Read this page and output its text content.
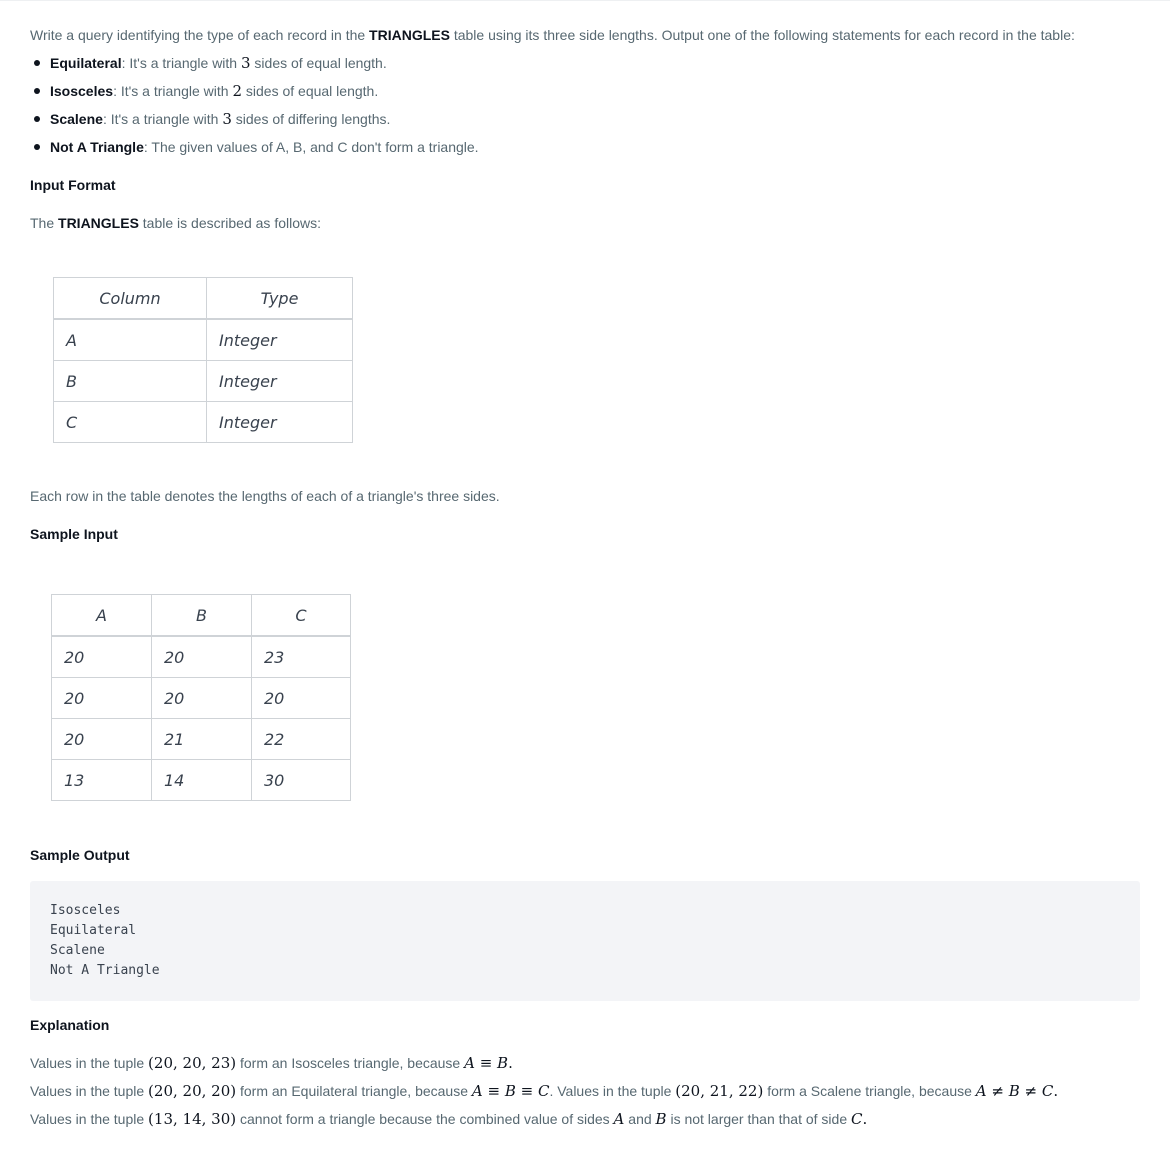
Write a query identifying the type of each record in the TRIANGLES table using its three side lengths. Output one of the following statements for each record in the table:

Equilateral: It's a triangle with 3 sides of equal length.
Isosceles: It's a triangle with 2 sides of equal length.
Scalene: It's a triangle with 3 sides of differing lengths.
Not A Triangle: The given values of A, B, and C don't form a triangle.
Input Format

The TRIANGLES table is described as follows:

Column	Type
A	Integer
B	Integer
C	Integer

Each row in the table denotes the lengths of each of a triangle's three sides.

Sample Input
A	B	C
20	20	23
20	20	20
20	21	22
13	14	30
Sample Output
Isosceles
Equilateral
Scalene
Not A Triangle
Explanation

Values in the tuple (20, 20, 23) form an Isosceles triangle, because A ≡ B.

Values in the tuple (20, 20, 20) form an Equilateral triangle, because A ≡ B ≡ C. Values in the tuple (20, 21, 22) form a Scalene triangle, because A ≠ B ≠ C.

Values in the tuple (13, 14, 30) cannot form a triangle because the combined value of sides A and B is not larger than that of side C.
